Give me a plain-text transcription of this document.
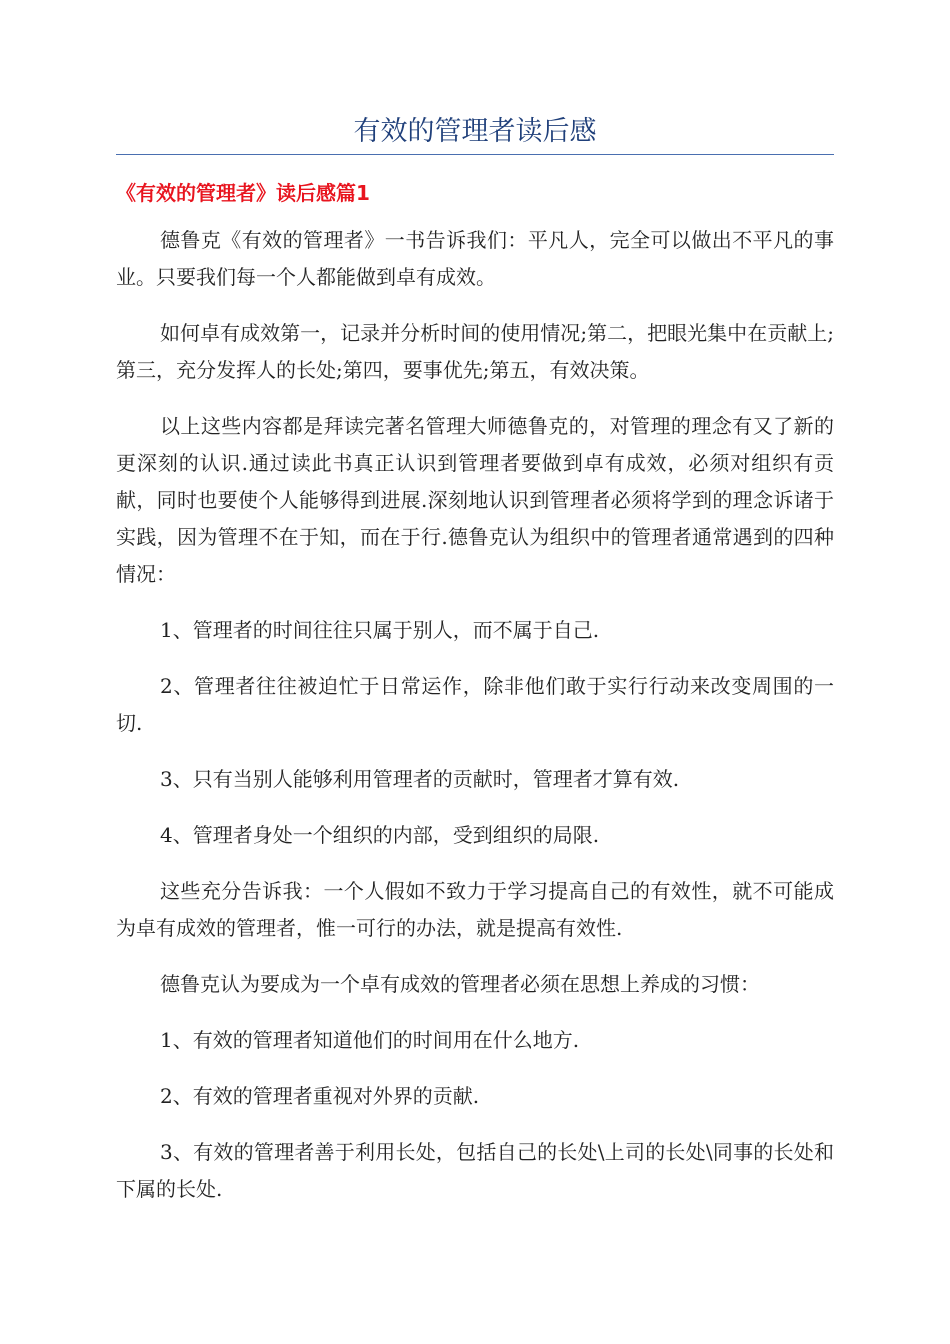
有效的管理者读后感
《有效的管理者》读后感篇1

德鲁克《有效的管理者》一书告诉我们：平凡人，完全可以做出不平凡的事业。只要我们每一个人都能做到卓有成效。

如何卓有成效第一，记录并分析时间的使用情况;第二，把眼光集中在贡献上;第三，充分发挥人的长处;第四，要事优先;第五，有效决策。

以上这些内容都是拜读完著名管理大师德鲁克的，对管理的理念有又了新的更深刻的认识.通过读此书真正认识到管理者要做到卓有成效，必须对组织有贡献，同时也要使个人能够得到进展.深刻地认识到管理者必须将学到的理念诉诸于实践，因为管理不在于知，而在于行.德鲁克认为组织中的管理者通常遇到的四种情况：

1、管理者的时间往往只属于别人，而不属于自己.

2、管理者往往被迫忙于日常运作，除非他们敢于实行行动来改变周围的一切.

3、只有当别人能够利用管理者的贡献时，管理者才算有效.

4、管理者身处一个组织的内部，受到组织的局限.

这些充分告诉我：一个人假如不致力于学习提高自己的有效性，就不可能成为卓有成效的管理者，惟一可行的办法，就是提高有效性.

德鲁克认为要成为一个卓有成效的管理者必须在思想上养成的习惯：

1、有效的管理者知道他们的时间用在什么地方.

2、有效的管理者重视对外界的贡献.

3、有效的管理者善于利用长处，包括自己的长处\上司的长处\同事的长处和下属的长处.
